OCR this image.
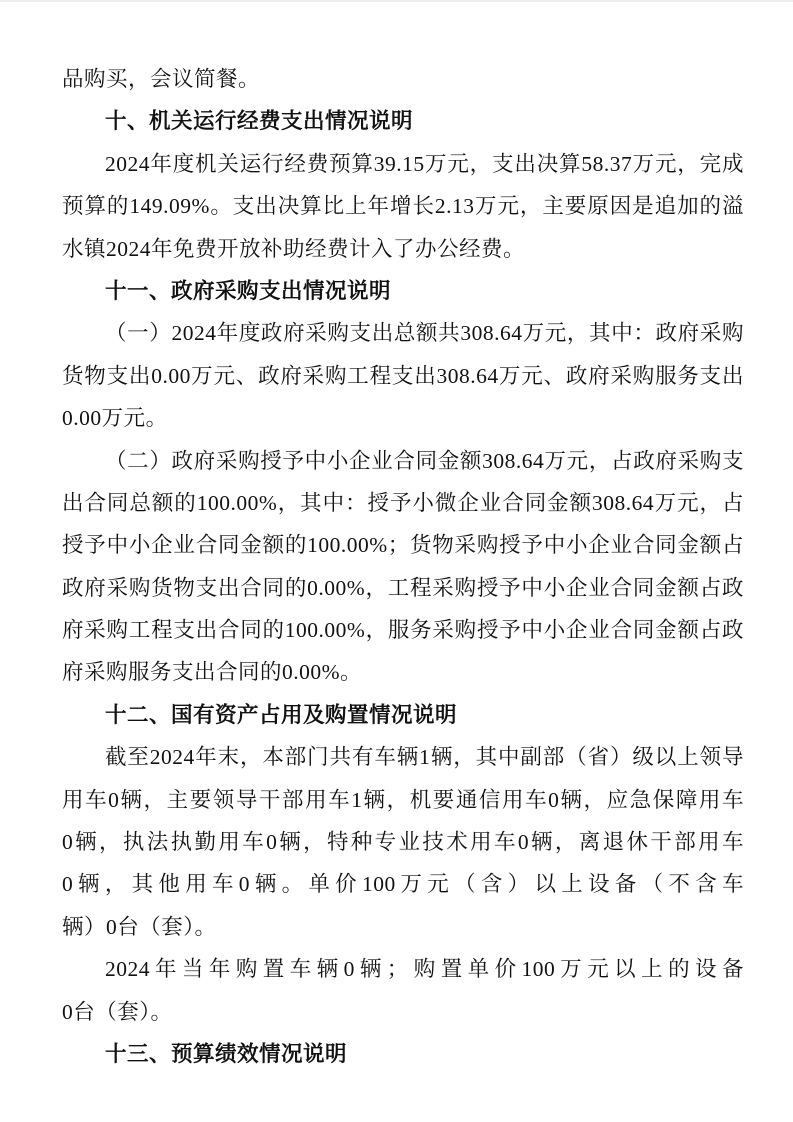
品购买，会议简餐。
十、机关运行经费支出情况说明
2024年度机关运行经费预算39.15万元，支出决算58.37万元，完成
预算的149.09%。支出决算比上年增长2.13万元，主要原因是追加的溢
水镇2024年免费开放补助经费计入了办公经费。
十一、政府采购支出情况说明
（一）2024年度政府采购支出总额共308.64万元，其中：政府采购
货物支出0.00万元、政府采购工程支出308.64万元、政府采购服务支出
0.00万元。
（二）政府采购授予中小企业合同金额308.64万元，占政府采购支
出合同总额的100.00%，其中：授予小微企业合同金额308.64万元，占
授予中小企业合同金额的100.00%；货物采购授予中小企业合同金额占
政府采购货物支出合同的0.00%，工程采购授予中小企业合同金额占政
府采购工程支出合同的100.00%，服务采购授予中小企业合同金额占政
府采购服务支出合同的0.00%。
十二、国有资产占用及购置情况说明
截至2024年末，本部门共有车辆1辆，其中副部（省）级以上领导
用车0辆，主要领导干部用车1辆，机要通信用车0辆，应急保障用车
0辆，执法执勤用车0辆，特种专业技术用车0辆，离退休干部用车
0辆，其他用车0辆。单价100万元（含）以上设备（不含车
辆）0台（套）。
2024年当年购置车辆0辆；购置单价100万元以上的设备
0台（套）。
十三、预算绩效情况说明
